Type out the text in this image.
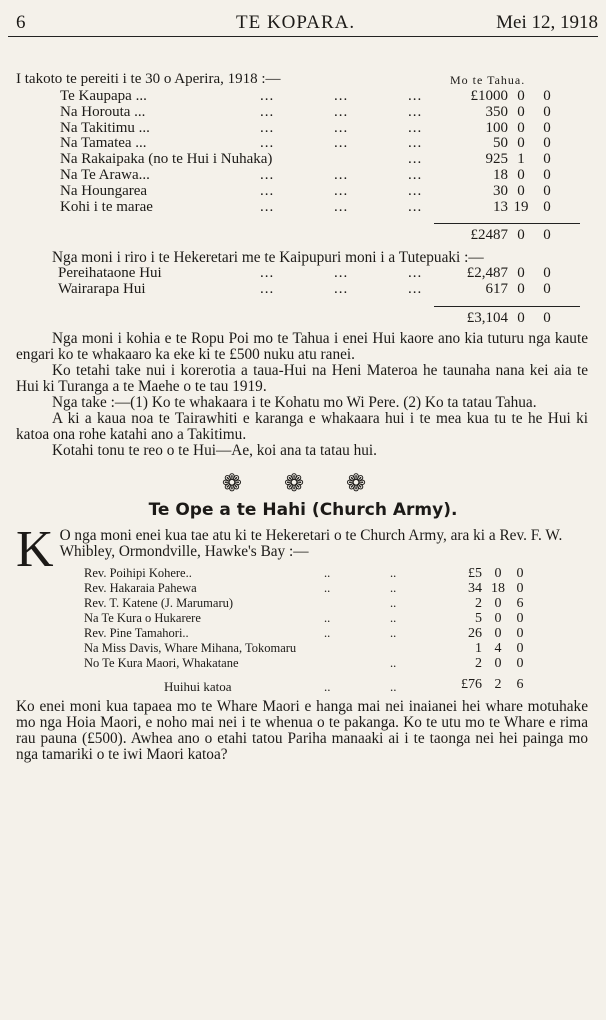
6	TE KOPARA.	Mei 12, 1918
I takoto te pereiti i te 30 o Aperira, 1918 :—	Mo te Tahua.
Te Kaupapa ...	...	...	...	£1000 0	0
Na Horouta ...	...	...	...	350 0	0
Na Takitimu ...	...	...	...	100 0	0
Na Tamatea ...	...	...	...	50 0	0
Na Rakaipaka (no te Hui i Nuhaka)	...	925 1	0
Na Te Arawa...	...	...	...	18 0	0
Na Houngarea	...	...	...	30 0	0
Kohi i te marae	...	...	...	13 19 0
£2487 0	0

Nga moni i riro i te Hekeretari me te Kaipupuri moni i a Tutepuaki :—

Pereihataone Hui	...	...	...	£2,487 0	0
Wairarapa Hui	...	...	...	617 0	0
£3,104 0	0

Nga moni i kohia e te Ropu Poi mo te Tahua i enei Hui kaore ano kia tuturu nga kaute engari ko te whakaaro ka eke ki te £500 nuku atu ranei.

Ko tetahi take nui i korerotia a taua-Hui na Heni Materoa he taunaha nana kei aia te Hui ki Turanga a te Maehe o te tau 1919.

Nga take :—(1) Ko te whakaara i te Kohatu mo Wi Pere. (2) Ko ta tatau Tahua.

A ki a kaua noa te Tairawhiti e karanga e whakaara hui i te mea kua tu te he Hui ki katoa ona rohe katahi ano a Takitimu.

Kotahi tonu te reo o te Hui—Ae, koi ana ta tatau hui.

❁ ❁ ❁
Te Ope a te Hahi (Church Army).
K O nga moni enei kua tae atu ki te Hekeretari o te Church Army, ara ki a Rev. F. W. Whibley, Ormondville, Hawke's Bay :—
Rev. Poihipi Kohere..	..	..	£5 0	0
Rev. Hakaraia Pahewa	..	..	34 18 0
Rev. T. Katene (J. Marumaru)	..	2 0	6
Na Te Kura o Hukarere	..	..	5 0	0
Rev. Pine Tamahori..	..	..	26 0	0
Na Miss Davis, Whare Mihana, Tokomaru	1 4	0
No Te Kura Maori, Whakatane	..	2 0	0
Huihui katoa	..	..	£76 2	6

Ko enei moni kua tapaea mo te Whare Maori e hanga mai nei inaianei hei whare motuhake mo nga Hoia Maori, e noho mai nei i te whenua o te pakanga. Ko te utu mo te Whare e rima rau pauna (£500). Awhea ano o etahi tatou Pariha manaaki ai i te taonga nei hei painga mo nga tamariki o te iwi Maori katoa?
